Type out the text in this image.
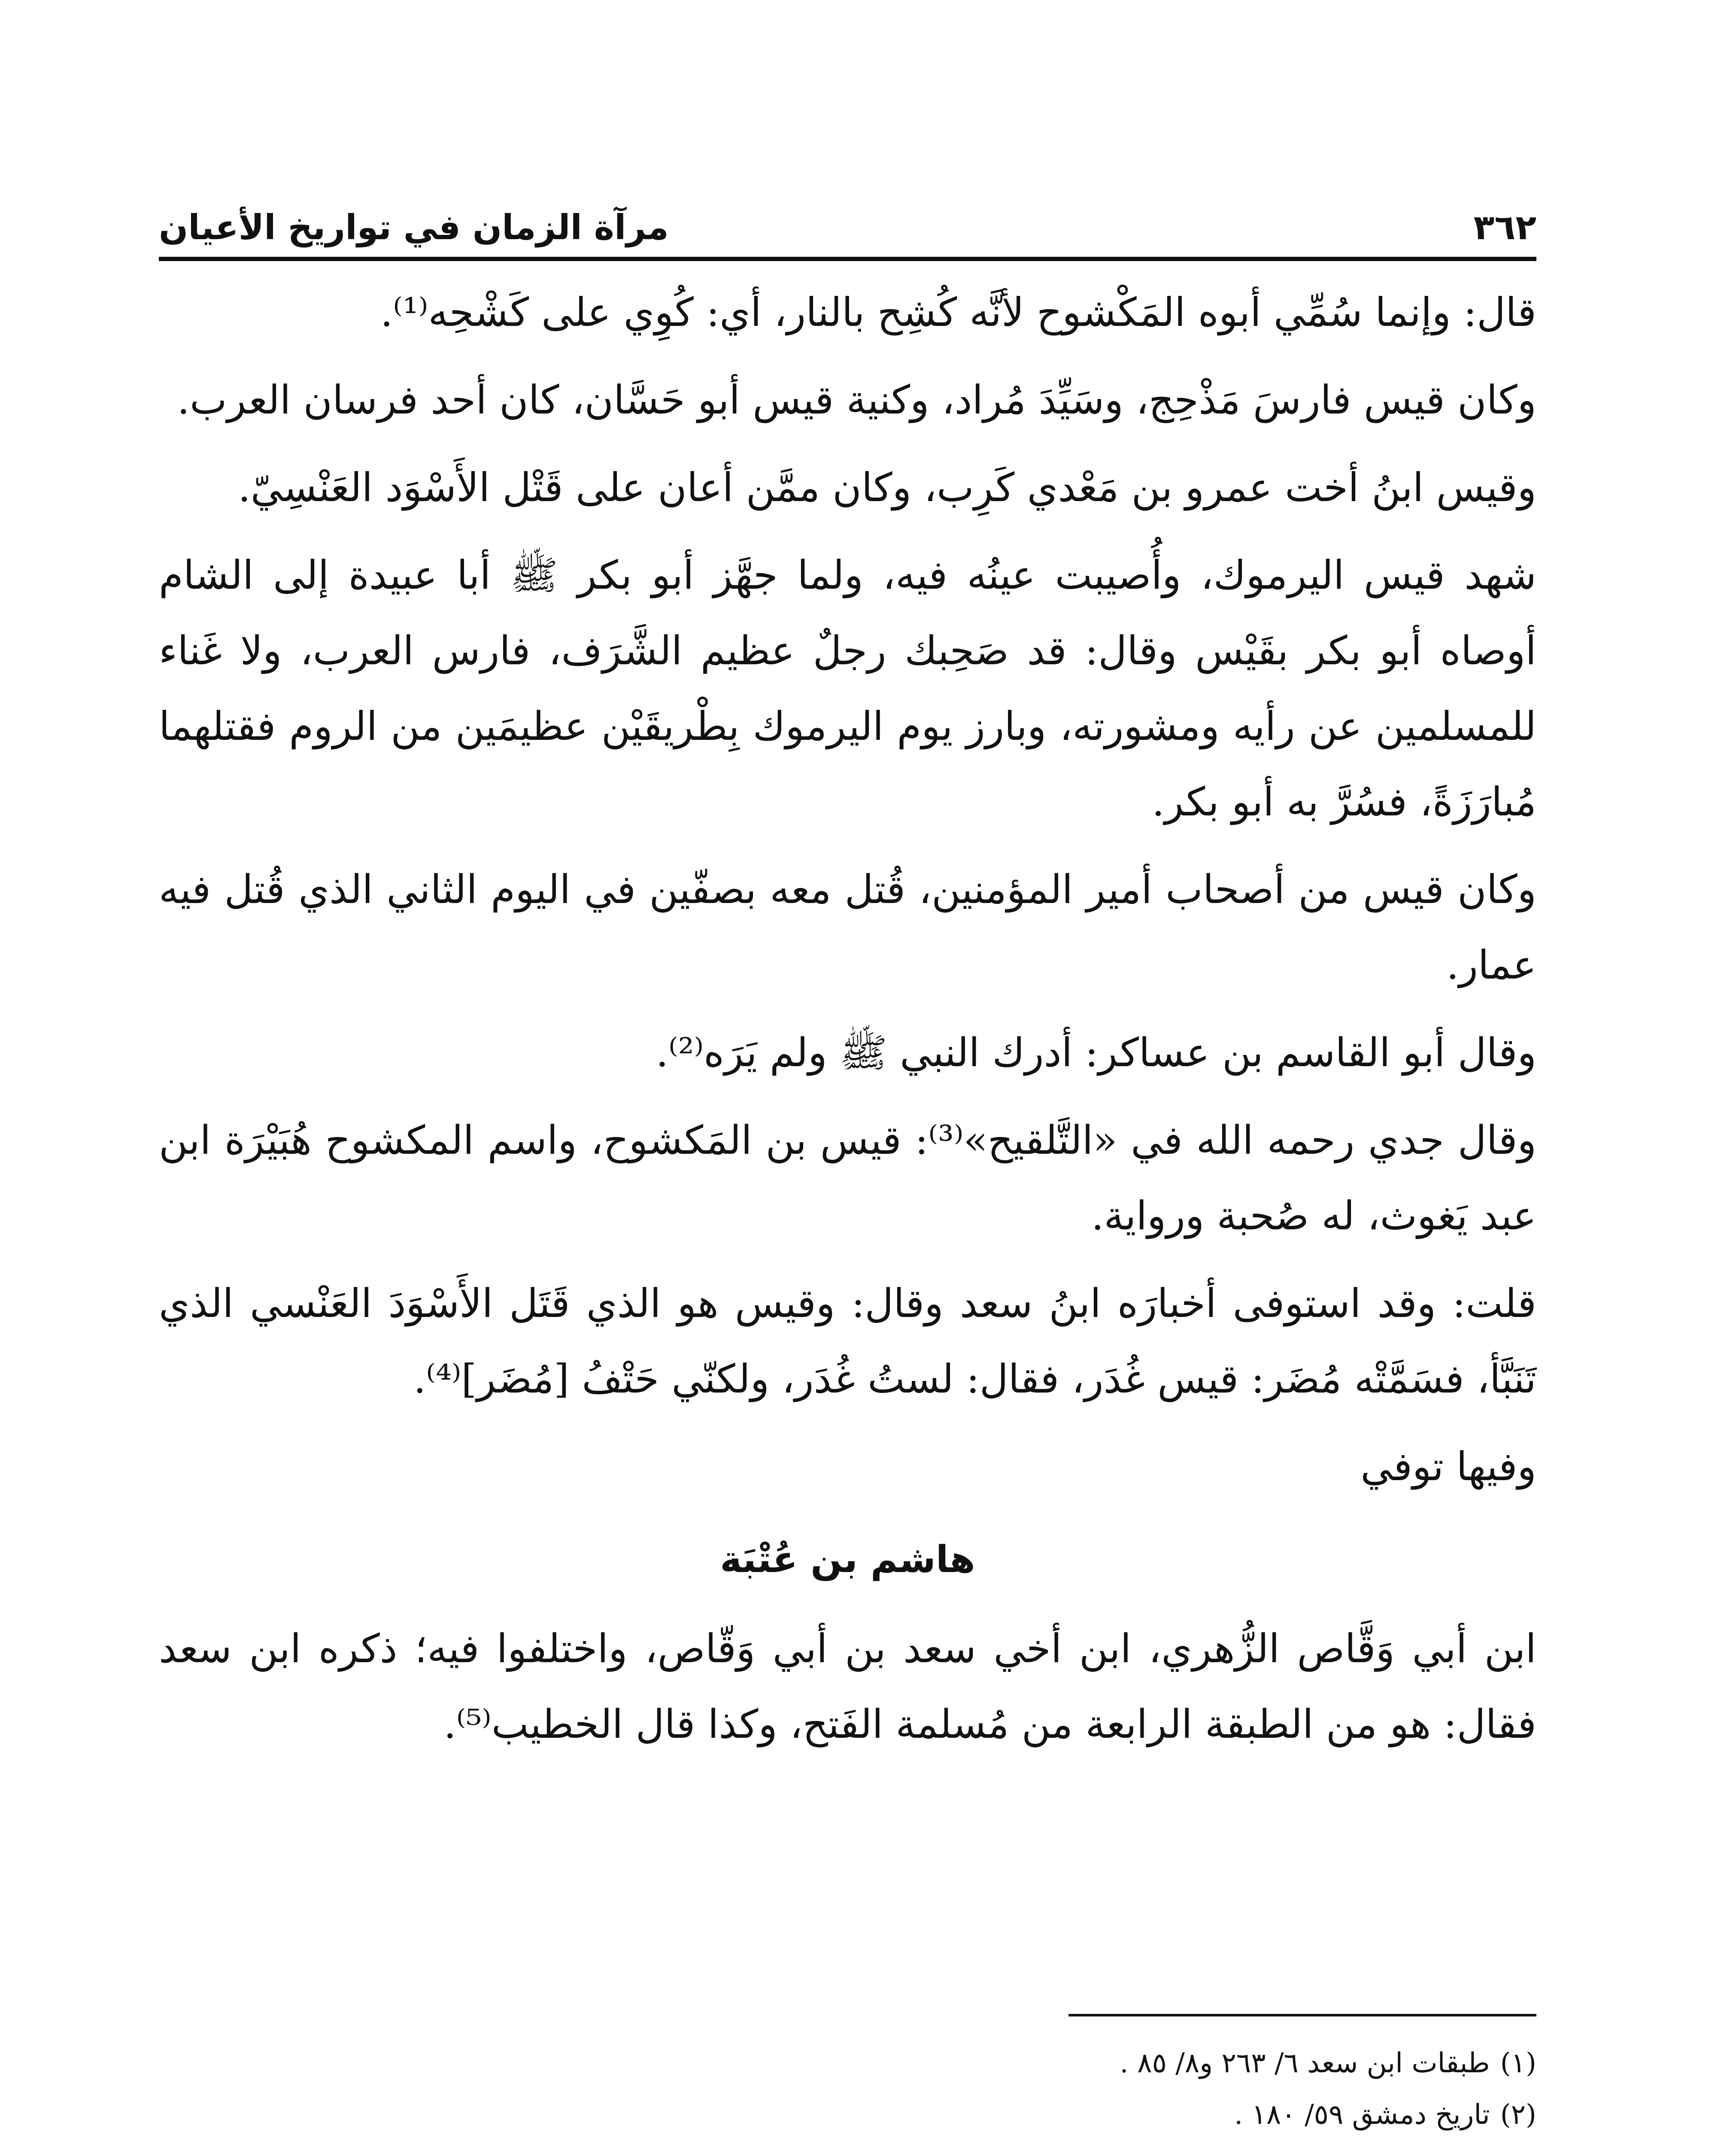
٣٦٢
مرآة الزمان في تواريخ الأعيان

قال: وإنما سُمِّي أبوه المَكْشوح لأنَّه كُشِح بالنار، أي: كُوِي على كَشْحِه⁽¹⁾.

وكان قيس فارسَ مَذْحِج، وسَيِّدَ مُراد، وكنية قيس أبو حَسَّان، كان أحد فرسان العرب.

وقيس ابنُ أخت عمرو بن مَعْدي كَرِب، وكان ممَّن أعان على قَتْل الأَسْوَد العَنْسِيّ.

شهد قيس اليرموك، وأُصيبت عينُه فيه، ولما جهَّز أبو بكر ﷺ أبا عبيدة إلى الشام أوصاه أبو بكر بقَيْس وقال: قد صَحِبك رجلٌ عظيم الشَّرَف، فارس العرب، ولا غَناء للمسلمين عن رأيه ومشورته، وبارز يوم اليرموك بِطْريقَيْن عظيمَين من الروم فقتلهما مُبارَزَةً، فسُرَّ به أبو بكر.

وكان قيس من أصحاب أمير المؤمنين، قُتل معه بصفّين في اليوم الثاني الذي قُتل فيه عمار.

وقال أبو القاسم بن عساكر: أدرك النبي ﷺ ولم يَرَه⁽²⁾.

وقال جدي رحمه الله في «التَّلقيح»⁽³⁾: قيس بن المَكشوح، واسم المكشوح هُبَيْرَة ابن عبد يَغوث، له صُحبة ورواية.

قلت: وقد استوفى أخبارَه ابنُ سعد وقال: وقيس هو الذي قَتَل الأَسْوَدَ العَنْسي الذي تَنَبَّأ، فسَمَّتْه مُضَر: قيس غُدَر، فقال: لستُ غُدَر، ولكنّي حَتْفُ [مُضَر]⁽⁴⁾.

وفيها توفي

هاشم بن عُتْبَة

ابن أبي وَقَّاص الزُّهري، ابن أخي سعد بن أبي وَقّاص، واختلفوا فيه؛ ذكره ابن سعد فقال: هو من الطبقة الرابعة من مُسلمة الفَتح، وكذا قال الخطيب⁽⁵⁾.

(١)
طبقات ابن سعد ٦/ ٢٦٣ و٨/ ٨٥ .
(٢)
تاريخ دمشق ٥٩/ ١٨٠ .
